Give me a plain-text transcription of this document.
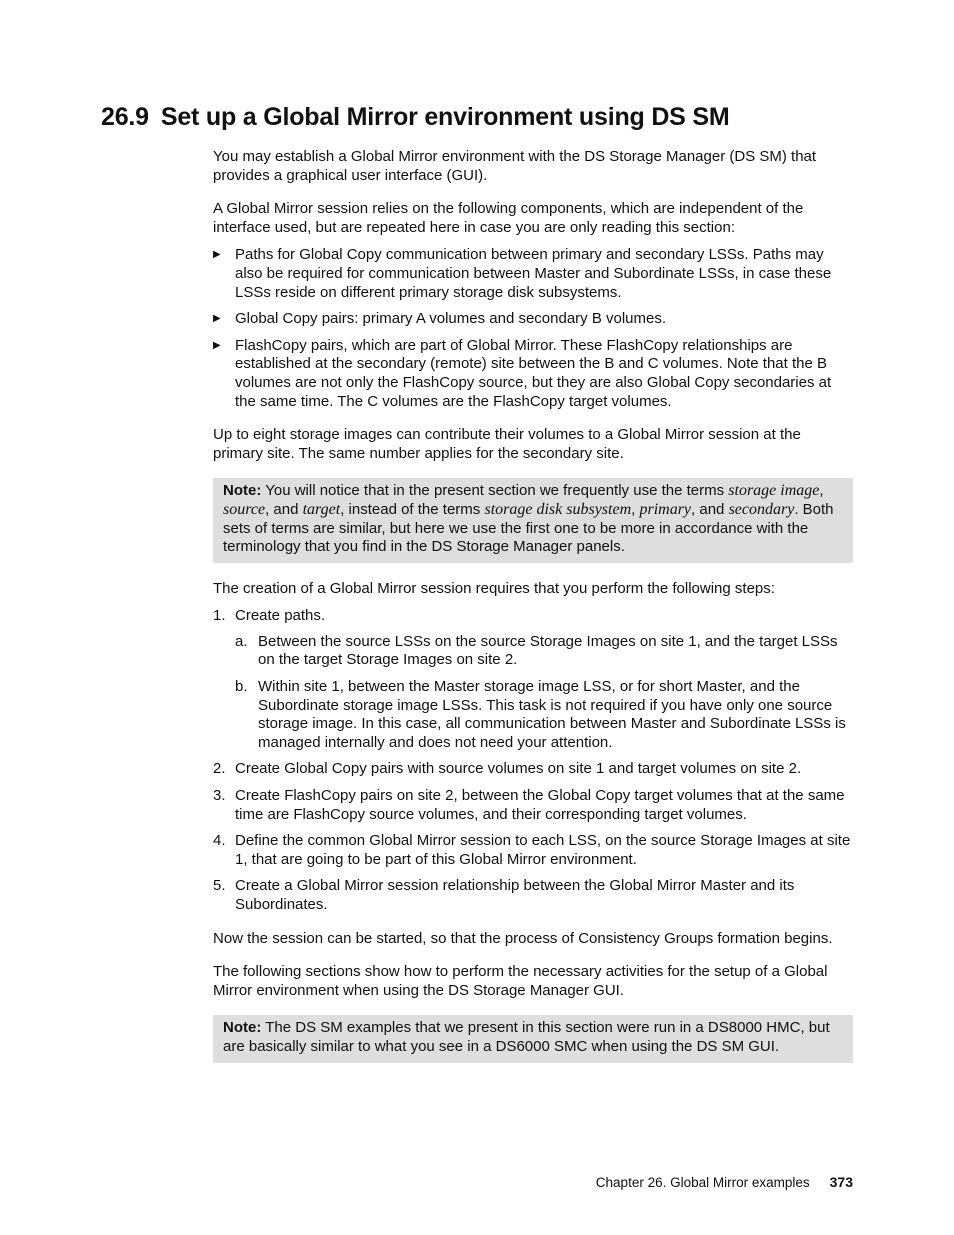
26.9 Set up a Global Mirror environment using DS SM

You may establish a Global Mirror environment with the DS Storage Manager (DS SM) that provides a graphical user interface (GUI).

A Global Mirror session relies on the following components, which are independent of the interface used, but are repeated here in case you are only reading this section:

▶ Paths for Global Copy communication between primary and secondary LSSs. Paths may also be required for communication between Master and Subordinate LSSs, in case these LSSs reside on different primary storage disk subsystems.
▶ Global Copy pairs: primary A volumes and secondary B volumes.
▶ FlashCopy pairs, which are part of Global Mirror. These FlashCopy relationships are established at the secondary (remote) site between the B and C volumes. Note that the B volumes are not only the FlashCopy source, but they are also Global Copy secondaries at the same time. The C volumes are the FlashCopy target volumes.

Up to eight storage images can contribute their volumes to a Global Mirror session at the primary site. The same number applies for the secondary site.

Note: You will notice that in the present section we frequently use the terms storage image, source, and target, instead of the terms storage disk subsystem, primary, and secondary. Both sets of terms are similar, but here we use the first one to be more in accordance with the terminology that you find in the DS Storage Manager panels.

The creation of a Global Mirror session requires that you perform the following steps:

1. Create paths.
a. Between the source LSSs on the source Storage Images on site 1, and the target LSSs on the target Storage Images on site 2.
b. Within site 1, between the Master storage image LSS, or for short Master, and the Subordinate storage image LSSs. This task is not required if you have only one source storage image. In this case, all communication between Master and Subordinate LSSs is managed internally and does not need your attention.
2. Create Global Copy pairs with source volumes on site 1 and target volumes on site 2.
3. Create FlashCopy pairs on site 2, between the Global Copy target volumes that at the same time are FlashCopy source volumes, and their corresponding target volumes.
4. Define the common Global Mirror session to each LSS, on the source Storage Images at site 1, that are going to be part of this Global Mirror environment.
5. Create a Global Mirror session relationship between the Global Mirror Master and its Subordinates.

Now the session can be started, so that the process of Consistency Groups formation begins.

The following sections show how to perform the necessary activities for the setup of a Global Mirror environment when using the DS Storage Manager GUI.

Note: The DS SM examples that we present in this section were run in a DS8000 HMC, but are basically similar to what you see in a DS6000 SMC when using the DS SM GUI.
Chapter 26. Global Mirror examples 373
